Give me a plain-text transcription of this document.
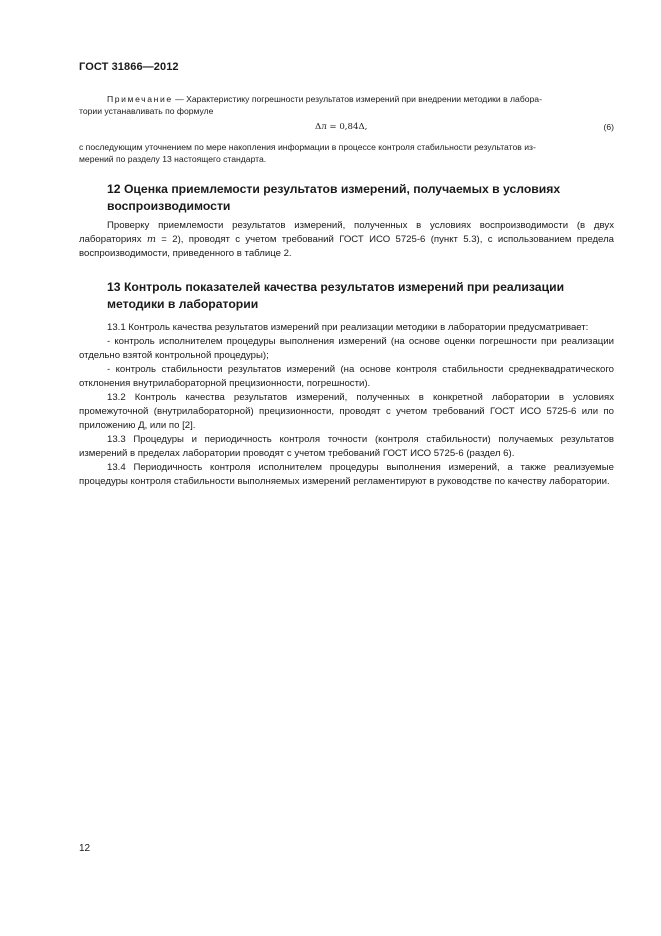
ГОСТ 31866—2012

Примечание — Характеристику погрешности результатов измерений при внедрении методики в лабора-

тории устанавливать по формуле

Δл = 0,84Δ,	(6)
с последующим уточнением по мере накопления информации в процессе контроля стабильности результатов из-
мерений по разделу 13 настоящего стандарта.
12 Оценка приемлемости результатов измерений, получаемых в условиях воспроизводимости

Проверку приемлемости результатов измерений, полученных в условиях воспроизводимости (в двух лабораториях m = 2), проводят с учетом требований ГОСТ ИСО 5725-6 (пункт 5.3), с использованием предела воспроизводимости, приведенного в таблице 2.

13 Контроль показателей качества результатов измерений при реализации методики в лаборатории

13.1 Контроль качества результатов измерений при реализации методики в лаборатории предусматривает:

- контроль исполнителем процедуры выполнения измерений (на основе оценки погрешности при реализации отдельно взятой контрольной процедуры);

- контроль стабильности результатов измерений (на основе контроля стабильности среднеквадратического отклонения внутрилабораторной прецизионности, погрешности).

13.2 Контроль качества результатов измерений, полученных в конкретной лаборатории в условиях промежуточной (внутрилабораторной) прецизионности, проводят с учетом требований ГОСТ ИСО 5725-6 или по приложению Д, или по [2].

13.3 Процедуры и периодичность контроля точности (контроля стабильности) получаемых результатов измерений в пределах лаборатории проводят с учетом требований ГОСТ ИСО 5725-6 (раздел 6).

13.4 Периодичность контроля исполнителем процедуры выполнения измерений, а также реализуемые процедуры контроля стабильности выполняемых измерений регламентируют в руководстве по качеству лаборатории.

12
